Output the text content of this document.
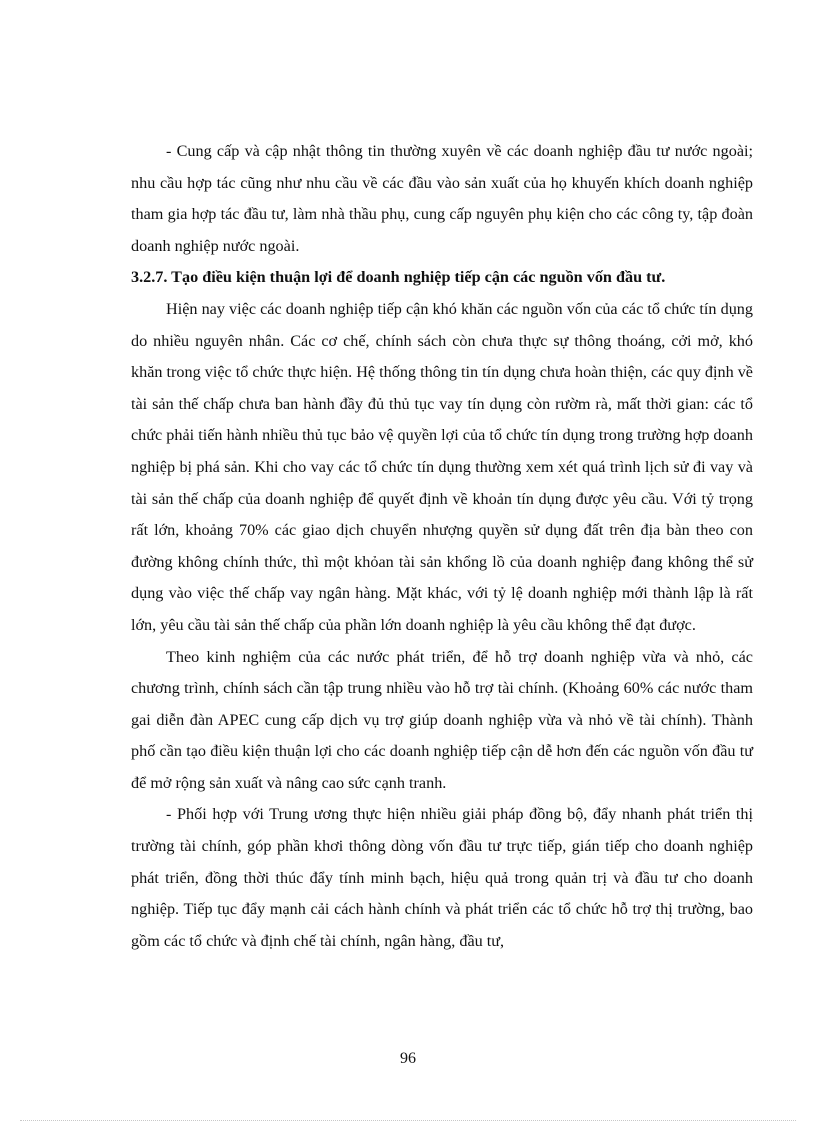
- Cung cấp và cập nhật thông tin thường xuyên về các doanh nghiệp đầu tư nước ngoài; nhu cầu hợp tác cũng như nhu cầu về các đầu vào sản xuất của họ khuyến khích doanh nghiệp tham gia hợp tác đầu tư, làm nhà thầu phụ, cung cấp nguyên phụ kiện cho các công ty, tập đoàn doanh nghiệp nước ngoài.

3.2.7. Tạo điều kiện thuận lợi để doanh nghiệp tiếp cận các nguồn vốn đầu tư.

Hiện nay việc các doanh nghiệp tiếp cận khó khăn các nguồn vốn của các tổ chức tín dụng do nhiều nguyên nhân. Các cơ chế, chính sách còn chưa thực sự thông thoáng, cởi mở, khó khăn trong việc tổ chức thực hiện. Hệ thống thông tin tín dụng chưa hoàn thiện, các quy định về tài sản thế chấp chưa ban hành đầy đủ thủ tục vay tín dụng còn rườm rà, mất thời gian: các tổ chức phải tiến hành nhiều thủ tục bảo vệ quyền lợi của tổ chức tín dụng trong trường hợp doanh nghiệp bị phá sản. Khi cho vay các tổ chức tín dụng thường xem xét quá trình lịch sử đi vay và tài sản thế chấp của doanh nghiệp để quyết định về khoản tín dụng được yêu cầu. Với tỷ trọng rất lớn, khoảng 70% các giao dịch chuyển nhượng quyền sử dụng đất trên địa bàn theo con đường không chính thức, thì một khỏan tài sản khổng lồ của doanh nghiệp đang không thể sử dụng vào việc thế chấp vay ngân hàng. Mặt khác, với tỷ lệ doanh nghiệp mới thành lập là rất lớn, yêu cầu tài sản thế chấp của phần lớn doanh nghiệp là yêu cầu không thể đạt được.

Theo kinh nghiệm của các nước phát triển, để hỗ trợ doanh nghiệp vừa và nhỏ, các chương trình, chính sách cần tập trung nhiều vào hỗ trợ tài chính. (Khoảng 60% các nước tham gai diễn đàn APEC cung cấp dịch vụ trợ giúp doanh nghiệp vừa và nhỏ về tài chính). Thành phố cần tạo điều kiện thuận lợi cho các doanh nghiệp tiếp cận dễ hơn đến các nguồn vốn đầu tư để mở rộng sản xuất và nâng cao sức cạnh tranh.

- Phối hợp với Trung ương thực hiện nhiều giải pháp đồng bộ, đẩy nhanh phát triển thị trường tài chính, góp phần khơi thông dòng vốn đầu tư trực tiếp, gián tiếp cho doanh nghiệp phát triển, đồng thời thúc đẩy tính minh bạch, hiệu quả trong quản trị và đầu tư cho doanh nghiệp. Tiếp tục đẩy mạnh cải cách hành chính và phát triển các tổ chức hỗ trợ thị trường, bao gồm các tổ chức và định chế tài chính, ngân hàng, đầu tư,

96
